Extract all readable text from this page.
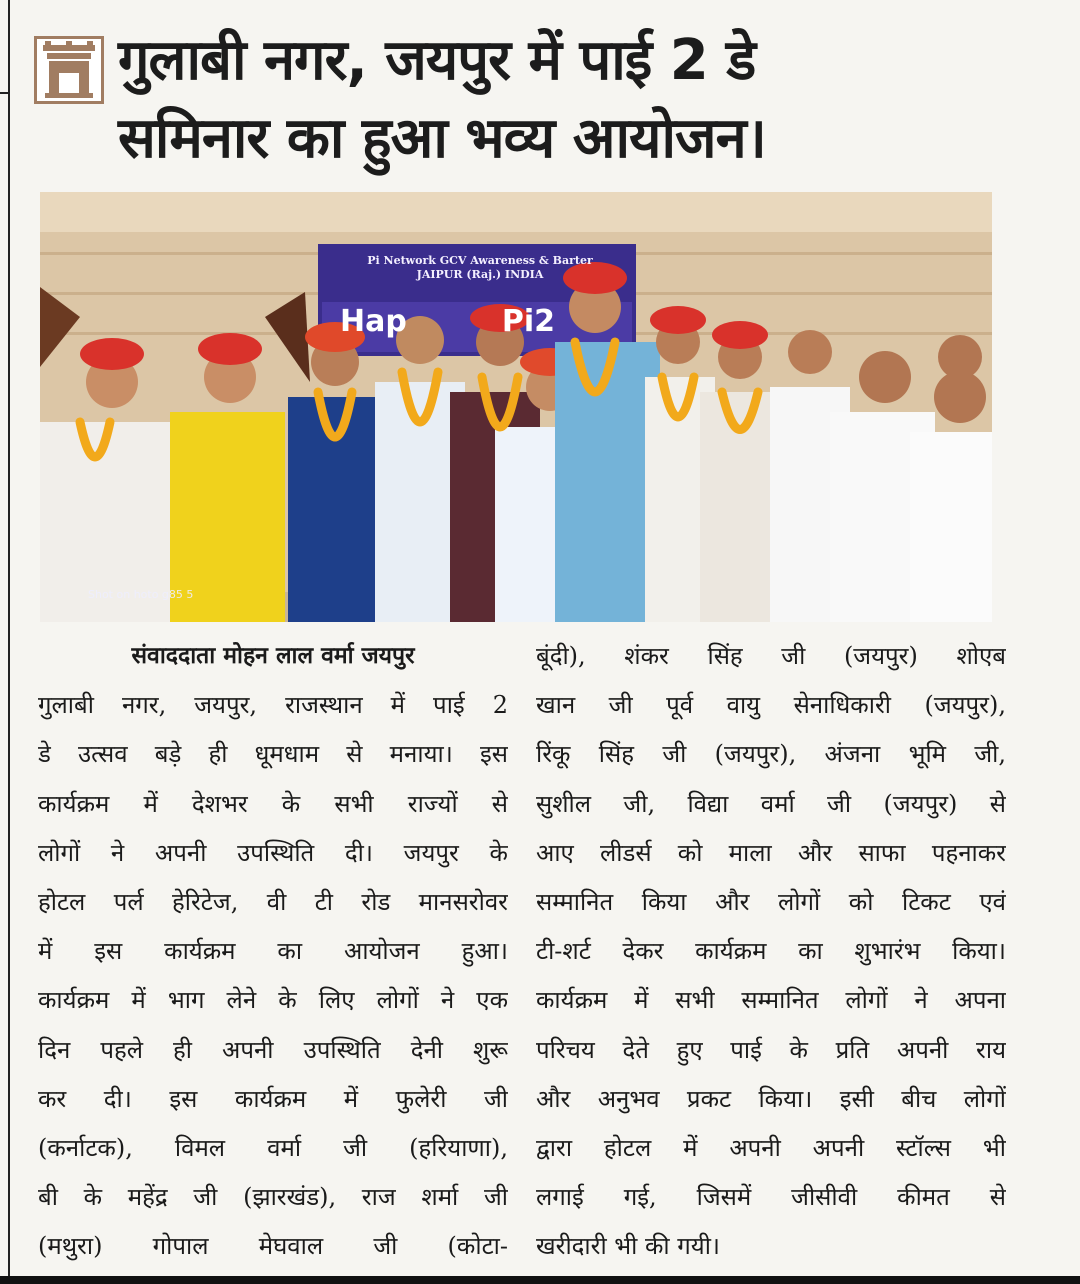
गुलाबी नगर, जयपुर में पाई 2 डे
समिनार का हुआ भव्य आयोजन।
Pi Network GCV Awareness & Barter
JAIPUR (Raj.) INDIA
Hap	Pi2
Shot on hoto g85 5
संवाददाता मोहन लाल वर्मा जयपुर
गुलाबी नगर, जयपुर, राजस्थान में पाई 2
डे उत्सव बड़े ही धूमधाम से मनाया। इस
कार्यक्रम में देशभर के सभी राज्यों से
लोगों ने अपनी उपस्थिति दी। जयपुर के
होटल पर्ल हेरिटेज, वी टी रोड मानसरोवर
में इस कार्यक्रम का आयोजन हुआ।
कार्यक्रम में भाग लेने के लिए लोगों ने एक
दिन पहले ही अपनी उपस्थिति देनी शुरू
कर दी। इस कार्यक्रम में फुलेरी जी
(कर्नाटक), विमल वर्मा जी (हरियाणा),
बी के महेंद्र जी (झारखंड), राज शर्मा जी
(मथुरा) गोपाल मेघवाल जी (कोटा-
बूंदी), शंकर सिंह जी (जयपुर) शोएब
खान जी पूर्व वायु सेनाधिकारी (जयपुर),
रिंकू सिंह जी (जयपुर), अंजना भूमि जी,
सुशील जी, विद्या वर्मा जी (जयपुर) से
आए लीडर्स को माला और साफा पहनाकर
सम्मानित किया और लोगों को टिकट एवं
टी-शर्ट देकर कार्यक्रम का शुभारंभ किया।
कार्यक्रम में सभी सम्मानित लोगों ने अपना
परिचय देते हुए पाई के प्रति अपनी राय
और अनुभव प्रकट किया। इसी बीच लोगों
द्वारा होटल में अपनी अपनी स्टॉल्स भी
लगाई गई, जिसमें जीसीवी कीमत से
खरीदारी भी की गयी।
